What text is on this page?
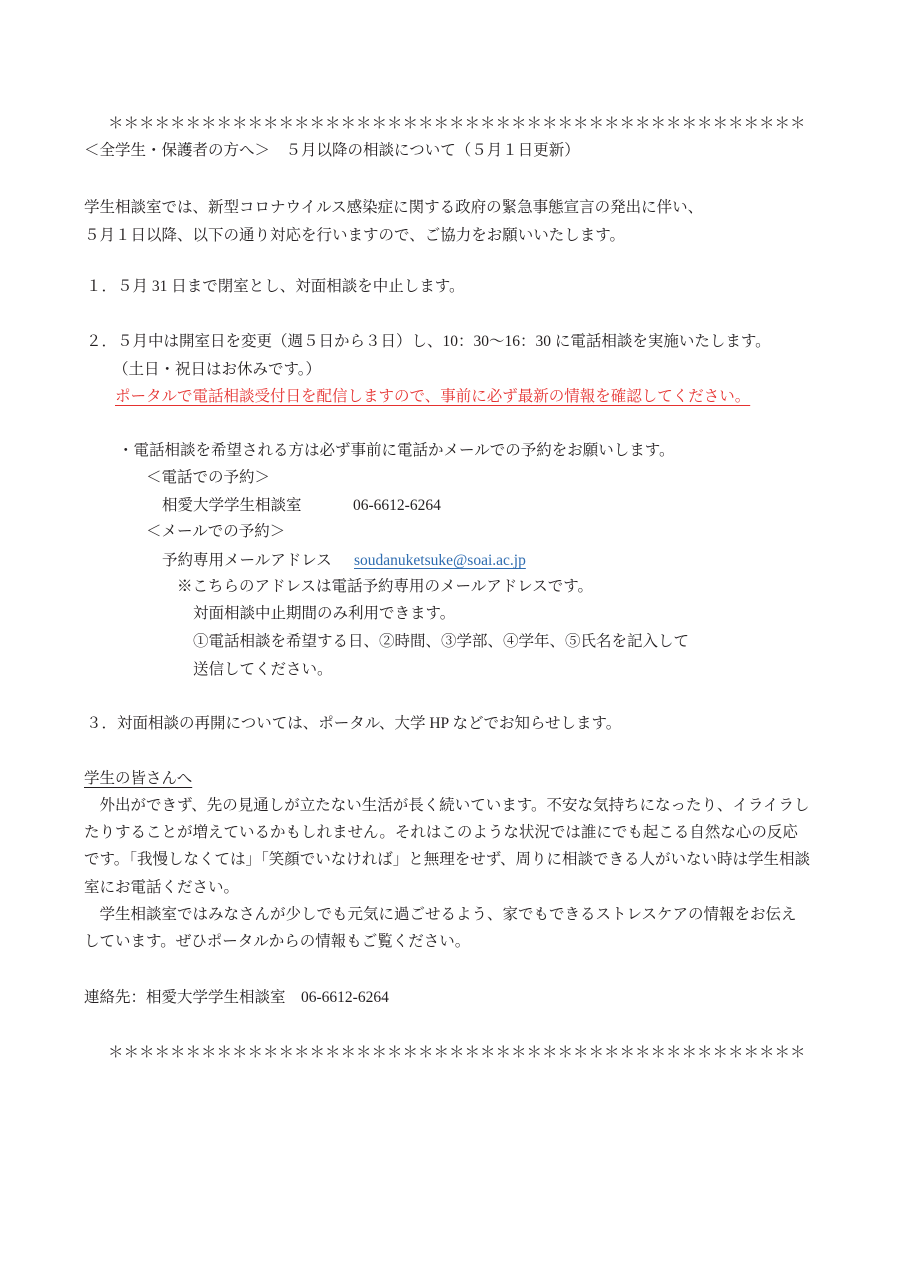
＊＊＊＊＊＊＊＊＊＊＊＊＊＊＊＊＊＊＊＊＊＊＊＊＊＊＊＊＊＊＊＊＊＊＊＊＊＊＊＊＊＊＊＊＊
＜全学生・保護者の方へ＞　５月以降の相談について（５月１日更新）
学生相談室では、新型コロナウイルス感染症に関する政府の緊急事態宣言の発出に伴い、
５月１日以降、以下の通り対応を行いますので、ご協力をお願いいたします。
１．５月 31 日まで閉室とし、対面相談を中止します。
２．５月中は開室日を変更（週５日から３日）し、10：30〜16：30 に電話相談を実施いたします。
（土日・祝日はお休みです。）
ポータルで電話相談受付日を配信しますので、事前に必ず最新の情報を確認してください。
・電話相談を希望される方は必ず事前に電話かメールでの予約をお願いします。
＜電話での予約＞
相愛大学学生相談室	06-6612-6264
＜メールでの予約＞
予約専用メールアドレス soudanuketsuke@soai.ac.jp
※こちらのアドレスは電話予約専用のメールアドレスです。
対面相談中止期間のみ利用できます。
①電話相談を希望する日、②時間、③学部、④学年、⑤氏名を記入して
送信してください。
３．対面相談の再開については、ポータル、大学 HP などでお知らせします。
学生の皆さんへ
　外出ができず、先の見通しが立たない生活が長く続いています。不安な気持ちになったり、イライラし
たりすることが増えているかもしれません。それはこのような状況では誰にでも起こる自然な心の反応
です。「我慢しなくては」「笑顔でいなければ」と無理をせず、周りに相談できる人がいない時は学生相談
室にお電話ください。
　学生相談室ではみなさんが少しでも元気に過ごせるよう、家でもできるストレスケアの情報をお伝え
しています。ぜひポータルからの情報もご覧ください。
連絡先：相愛大学学生相談室　06-6612-6264
＊＊＊＊＊＊＊＊＊＊＊＊＊＊＊＊＊＊＊＊＊＊＊＊＊＊＊＊＊＊＊＊＊＊＊＊＊＊＊＊＊＊＊＊＊
